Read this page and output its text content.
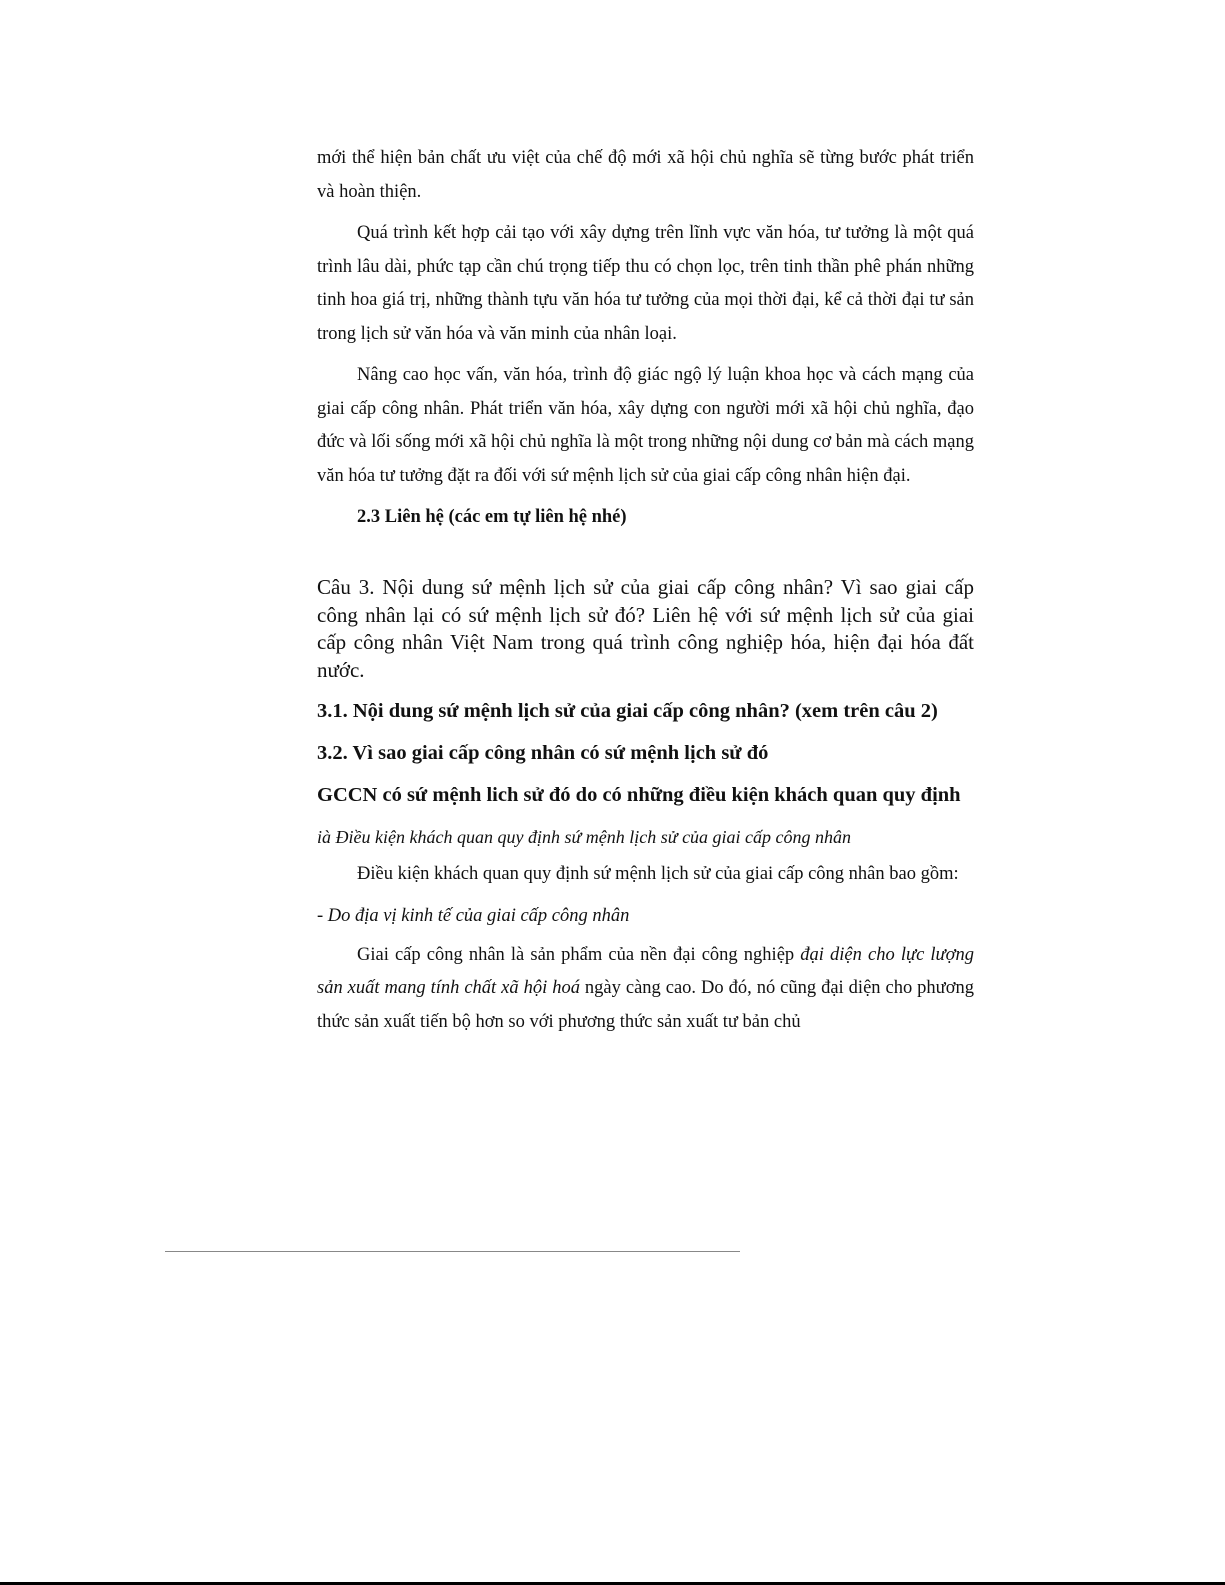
mới thể hiện bản chất ưu việt của chế độ mới xã hội chủ nghĩa sẽ từng bước phát triển và hoàn thiện.

Quá trình kết hợp cải tạo với xây dựng trên lĩnh vực văn hóa, tư tưởng là một quá trình lâu dài, phức tạp cần chú trọng tiếp thu có chọn lọc, trên tinh thần phê phán những tinh hoa giá trị, những thành tựu văn hóa tư tưởng của mọi thời đại, kể cả thời đại tư sản trong lịch sử văn hóa và văn minh của nhân loại.

Nâng cao học vấn, văn hóa, trình độ giác ngộ lý luận khoa học và cách mạng của giai cấp công nhân. Phát triển văn hóa, xây dựng con người mới xã hội chủ nghĩa, đạo đức và lối sống mới xã hội chủ nghĩa là một trong những nội dung cơ bản mà cách mạng văn hóa tư tưởng đặt ra đối với sứ mệnh lịch sử của giai cấp công nhân hiện đại.

2.3 Liên hệ (các em tự liên hệ nhé)

Câu 3. Nội dung sứ mệnh lịch sử của giai cấp công nhân? Vì sao giai cấp công nhân lại có sứ mệnh lịch sử đó? Liên hệ với sứ mệnh lịch sử của giai cấp công nhân Việt Nam trong quá trình công nghiệp hóa, hiện đại hóa đất nước.

3.1. Nội dung sứ mệnh lịch sử của giai cấp công nhân? (xem trên câu 2)

3.2. Vì sao giai cấp công nhân có sứ mệnh lịch sử đó

GCCN có sứ mệnh lich sử đó do có những điều kiện khách quan quy định

ià Điều kiện khách quan quy định sứ mệnh lịch sử của giai cấp công nhân

Điều kiện khách quan quy định sứ mệnh lịch sử của giai cấp công nhân bao gồm:

- Do địa vị kinh tế của giai cấp công nhân

Giai cấp công nhân là sản phẩm của nền đại công nghiệp đại diện cho lực lượng sản xuất mang tính chất xã hội hoá ngày càng cao. Do đó, nó cũng đại diện cho phương thức sản xuất tiến bộ hơn so với phương thức sản xuất tư bản chủ
